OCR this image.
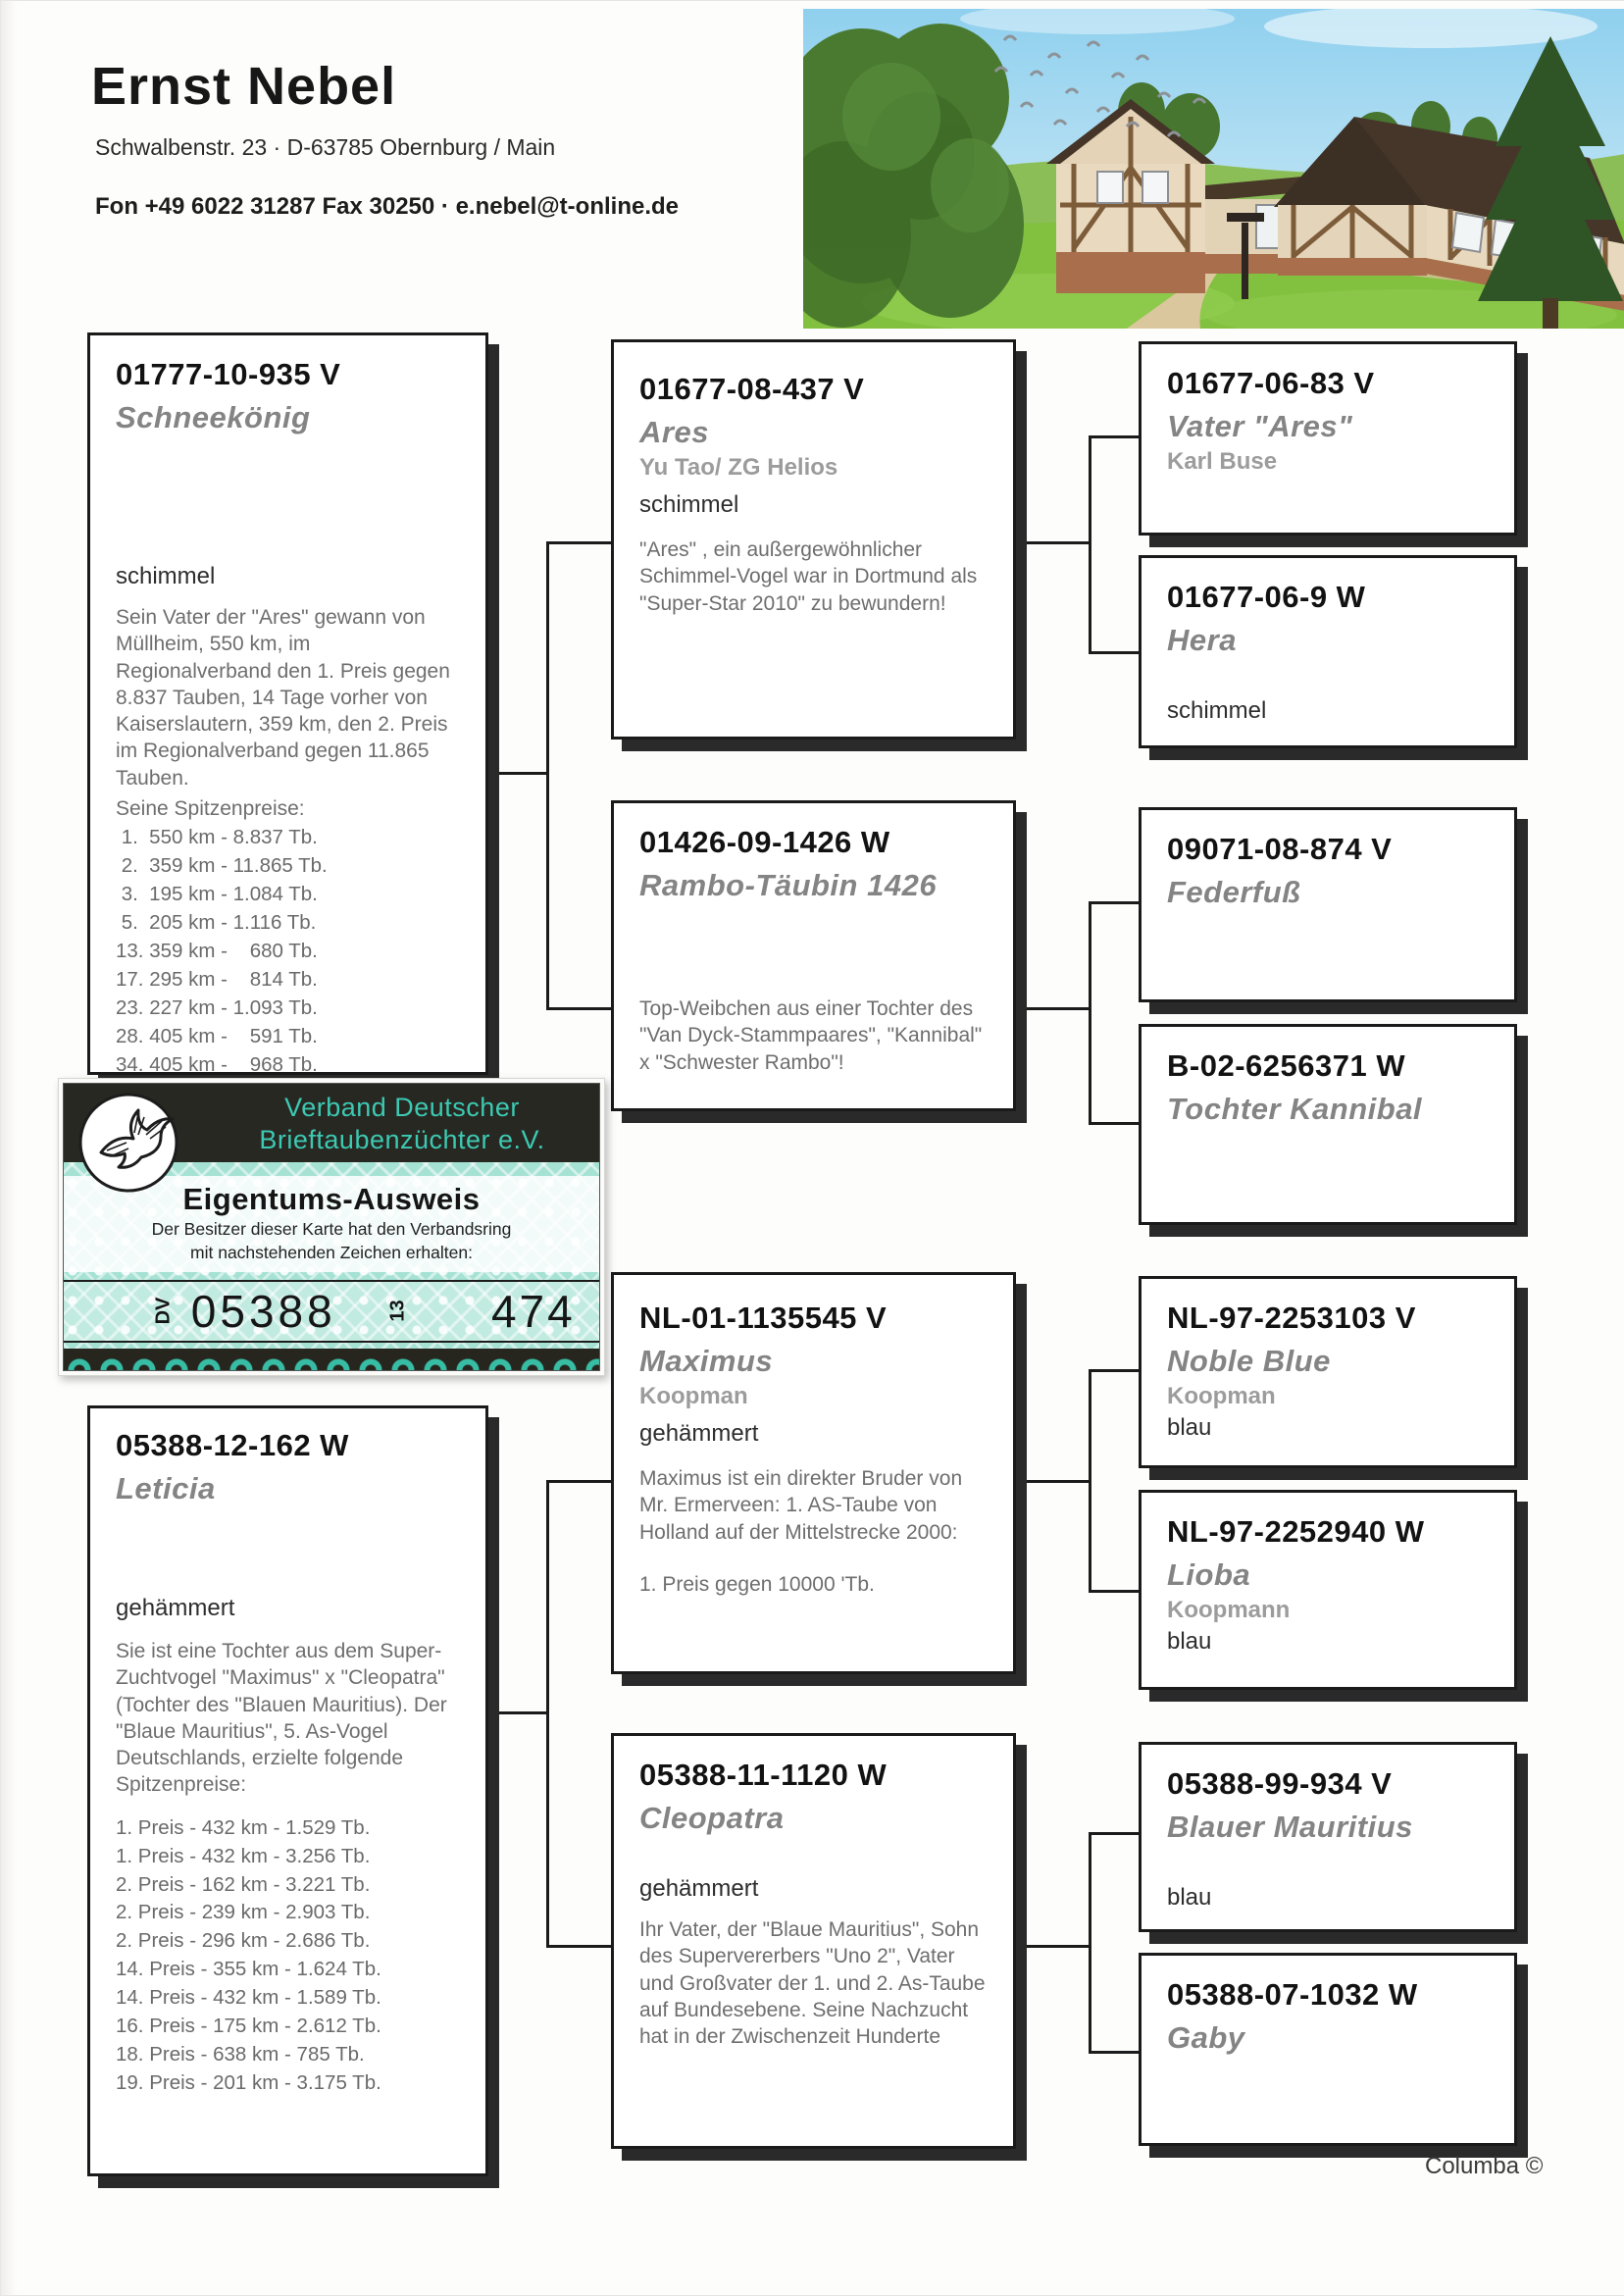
Ernst Nebel
Schwalbenstr. 23 · D-63785 Obernburg / Main
Fon +49 6022 31287 Fax 30250 · e.nebel@t-online.de
01777-10-935 V
Schneekönig
schimmel
Sein Vater der "Ares" gewann von Müllheim, 550 km, im Regionalverband den 1. Preis gegen 8.837 Tauben, 14 Tage vorher von Kaiserslautern, 359 km, den 2. Preis im Regionalverband gegen 11.865 Tauben.
Seine Spitzenpreise:
1.  550 km - 8.837 Tb.
2.  359 km - 11.865 Tb.
3.  195 km - 1.084 Tb.
5.  205 km - 1.116 Tb.
13. 359 km -    680 Tb.
17. 295 km -    814 Tb.
23. 227 km - 1.093 Tb.
28. 405 km -    591 Tb.
34. 405 km -    968 Tb.
01677-08-437 V
Ares
Yu Tao/ ZG Helios
schimmel
"Ares" , ein außergewöhnlicher Schimmel-Vogel war in Dortmund als "Super-Star 2010" zu bewundern!
01677-06-83 V
Vater "Ares"
Karl Buse
01677-06-9 W
Hera
schimmel
01426-09-1426 W
Rambo-Täubin 1426
Top-Weibchen aus einer Tochter des "Van Dyck-Stammpaares", "Kannibal" x "Schwester Rambo"!
09071-08-874 V
Federfuß
B-02-6256371 W
Tochter Kannibal
Verband Deutscher
Brieftaubenzüchter e.V.
Eigentums-Ausweis
Der Besitzer dieser Karte hat den Verbandsring
mit nachstehenden Zeichen erhalten:
DV 05388	13 474
05388-12-162 W
Leticia
gehämmert
Sie ist eine Tochter aus dem Super-Zuchtvogel "Maximus" x "Cleopatra" (Tochter des "Blauen Mauritius). Der "Blaue Mauritius", 5. As-Vogel Deutschlands, erzielte folgende Spitzenpreise:
1. Preis - 432 km - 1.529 Tb.
1. Preis - 432 km - 3.256 Tb.
2. Preis - 162 km - 3.221 Tb.
2. Preis - 239 km - 2.903 Tb.
2. Preis - 296 km - 2.686 Tb.
14. Preis - 355 km - 1.624 Tb.
14. Preis - 432 km - 1.589 Tb.
16. Preis - 175 km - 2.612 Tb.
18. Preis - 638 km - 785 Tb.
19. Preis - 201 km - 3.175 Tb.
NL-01-1135545 V
Maximus
Koopman
gehämmert
Maximus ist ein direkter Bruder von Mr. Ermerveen: 1. AS-Taube von Holland auf der Mittelstrecke 2000:
1. Preis gegen 10000 'Tb.
NL-97-2253103 V
Noble Blue
Koopman
blau
NL-97-2252940 W
Lioba
Koopmann
blau
05388-11-1120 W
Cleopatra
gehämmert
Ihr Vater, der "Blaue Mauritius", Sohn des Supervererbers "Uno 2", Vater und Großvater der 1. und 2. As-Taube auf Bundesebene. Seine Nachzucht hat in der Zwischenzeit Hunderte
05388-99-934 V
Blauer Mauritius
blau
05388-07-1032 W
Gaby
Columba ©
